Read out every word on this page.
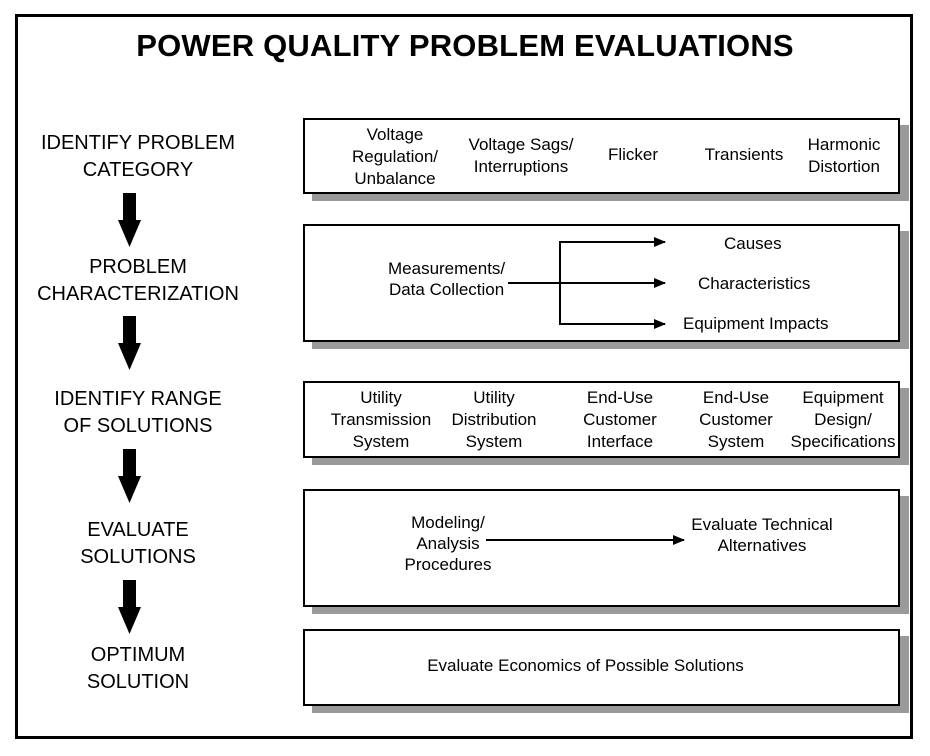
POWER QUALITY PROBLEM EVALUATIONS
IDENTIFY PROBLEM
CATEGORY
PROBLEM
CHARACTERIZATION
IDENTIFY RANGE
OF SOLUTIONS
EVALUATE
SOLUTIONS
OPTIMUM
SOLUTION
Voltage
Regulation/
Unbalance
Voltage Sags/
Interruptions
Flicker	Transients
Harmonic
Distortion
Utility
Transmission
System
Utility
Distribution
System
End-Use
Customer
Interface
End-Use
Customer
System
Equipment
Design/
Specifications
Measurements/
Data Collection
Causes
Characteristics
Equipment Impacts
Modeling/
Analysis
Procedures
Evaluate Technical
Alternatives
Evaluate Economics of Possible Solutions
